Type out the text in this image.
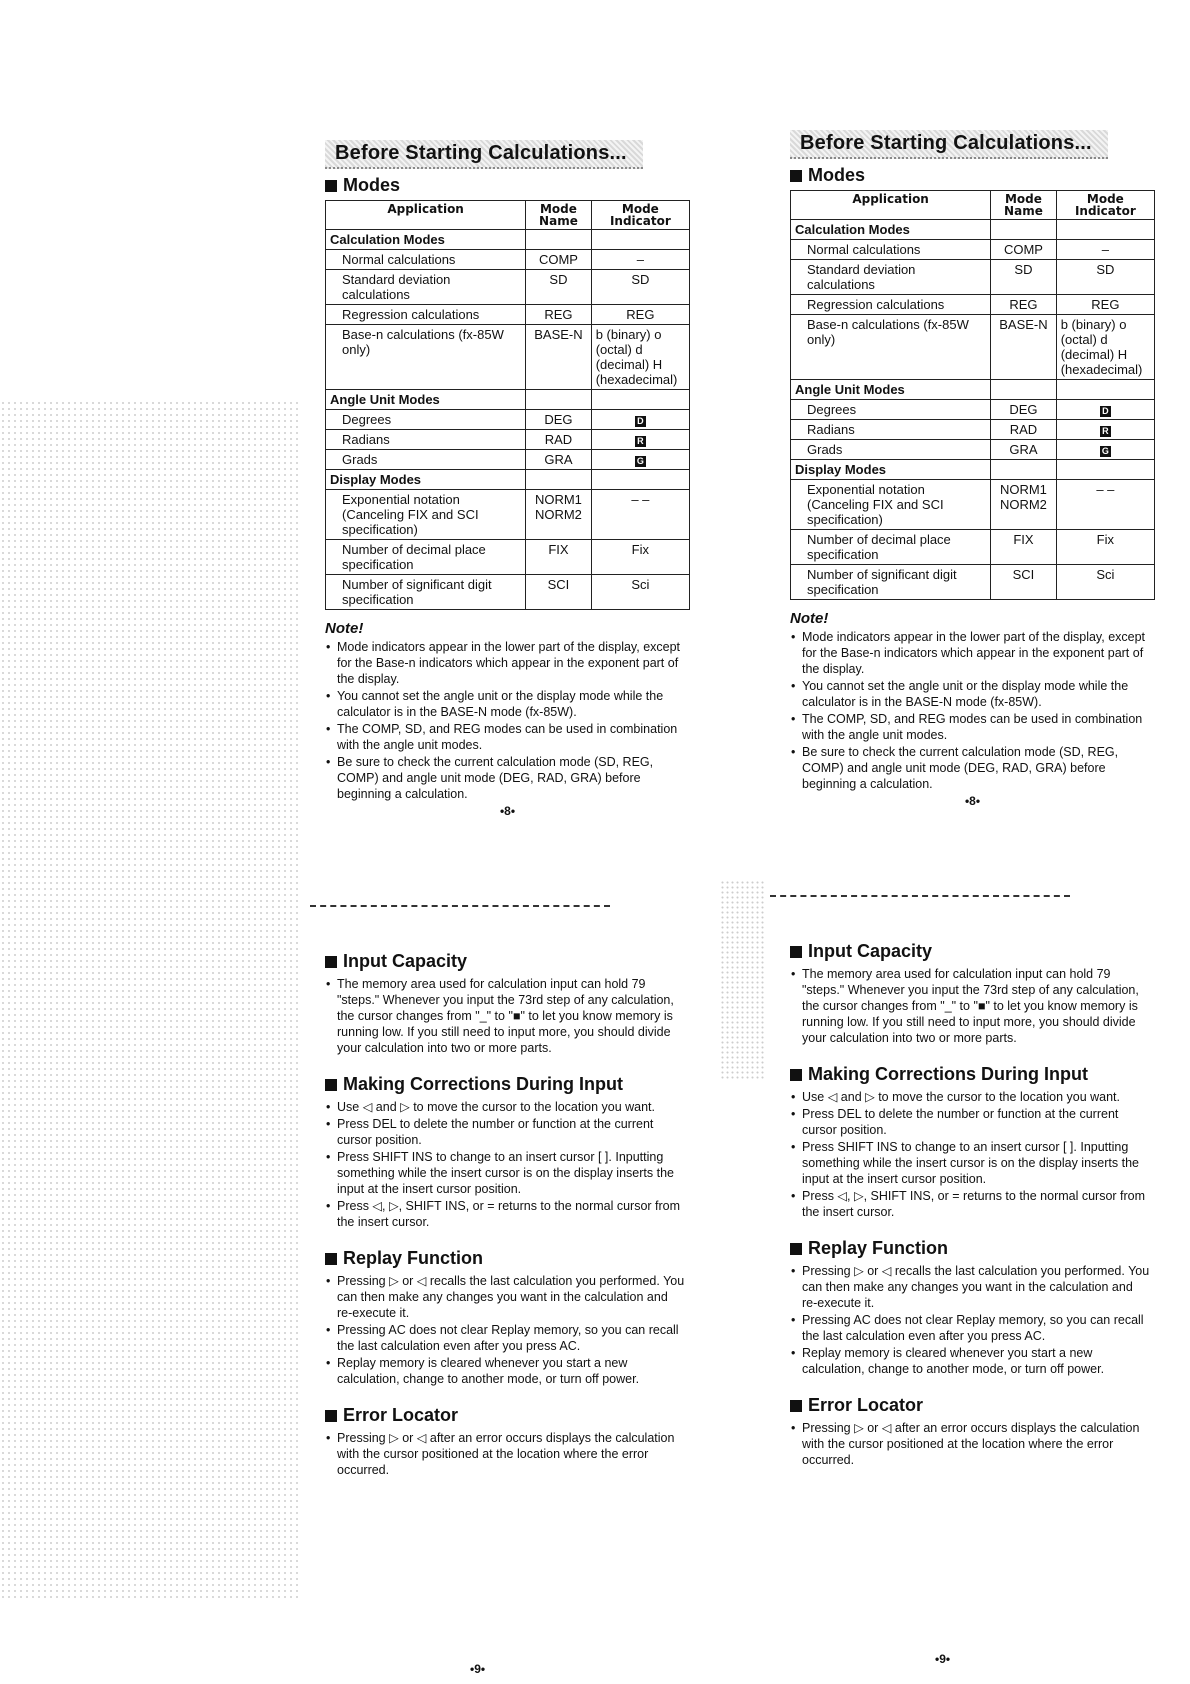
Before Starting Calculations...
Modes
Application	Mode Name	Mode Indicator
Calculation Modes		
Normal calculations	COMP	–
Standard deviation calculations	SD	SD
Regression calculations	REG	REG
Base-n calculations (fx-85W only)	BASE-N	b (binary) o (octal) d (decimal) H (hexadecimal)
Angle Unit Modes		
Degrees	DEG	D
Radians	RAD	R
Grads	GRA	G
Display Modes		
Exponential notation (Canceling FIX and SCI specification)	NORM1 NORM2	– –
Number of decimal place specification	FIX	Fix
Number of significant digit specification	SCI	Sci
Note!
• Mode indicators appear in the lower part of the display, except for the Base-n indicators which appear in the exponent part of the display.
• You cannot set the angle unit or the display mode while the calculator is in the BASE-N mode (fx-85W).
• The COMP, SD, and REG modes can be used in combination with the angle unit modes.
• Be sure to check the current calculation mode (SD, REG, COMP) and angle unit mode (DEG, RAD, GRA) before beginning a calculation.
•8•
Input Capacity
• The memory area used for calculation input can hold 79 "steps." Whenever you input the 73rd step of any calculation, the cursor changes from "_" to "■" to let you know memory is running low. If you still need to input more, you should divide your calculation into two or more parts.
Making Corrections During Input
• Use ◁ and ▷ to move the cursor to the location you want.
• Press DEL to delete the number or function at the current cursor position.
• Press SHIFT INS to change to an insert cursor [ ]. Inputting something while the insert cursor is on the display inserts the input at the insert cursor position.
• Press ◁, ▷, SHIFT INS, or = returns to the normal cursor from the insert cursor.
Replay Function
• Pressing ▷ or ◁ recalls the last calculation you performed. You can then make any changes you want in the calculation and re-execute it.
• Pressing AC does not clear Replay memory, so you can recall the last calculation even after you press AC.
• Replay memory is cleared whenever you start a new calculation, change to another mode, or turn off power.
Error Locator
• Pressing ▷ or ◁ after an error occurs displays the calculation with the cursor positioned at the location where the error occurred.
•9•
Before Starting Calculations...
Modes
Application	Mode Name	Mode Indicator
Calculation Modes		
Normal calculations	COMP	–
Standard deviation calculations	SD	SD
Regression calculations	REG	REG
Base-n calculations (fx-85W only)	BASE-N	b (binary) o (octal) d (decimal) H (hexadecimal)
Angle Unit Modes		
Degrees	DEG	D
Radians	RAD	R
Grads	GRA	G
Display Modes		
Exponential notation (Canceling FIX and SCI specification)	NORM1 NORM2	– –
Number of decimal place specification	FIX	Fix
Number of significant digit specification	SCI	Sci
Note!
• Mode indicators appear in the lower part of the display, except for the Base-n indicators which appear in the exponent part of the display.
• You cannot set the angle unit or the display mode while the calculator is in the BASE-N mode (fx-85W).
• The COMP, SD, and REG modes can be used in combination with the angle unit modes.
• Be sure to check the current calculation mode (SD, REG, COMP) and angle unit mode (DEG, RAD, GRA) before beginning a calculation.
•8•
Input Capacity
• The memory area used for calculation input can hold 79 "steps." Whenever you input the 73rd step of any calculation, the cursor changes from "_" to "■" to let you know memory is running low. If you still need to input more, you should divide your calculation into two or more parts.
Making Corrections During Input
• Use ◁ and ▷ to move the cursor to the location you want.
• Press DEL to delete the number or function at the current cursor position.
• Press SHIFT INS to change to an insert cursor [ ]. Inputting something while the insert cursor is on the display inserts the input at the insert cursor position.
• Press ◁, ▷, SHIFT INS, or = returns to the normal cursor from the insert cursor.
Replay Function
• Pressing ▷ or ◁ recalls the last calculation you performed. You can then make any changes you want in the calculation and re-execute it.
• Pressing AC does not clear Replay memory, so you can recall the last calculation even after you press AC.
• Replay memory is cleared whenever you start a new calculation, change to another mode, or turn off power.
Error Locator
• Pressing ▷ or ◁ after an error occurs displays the calculation with the cursor positioned at the location where the error occurred.
•9•
